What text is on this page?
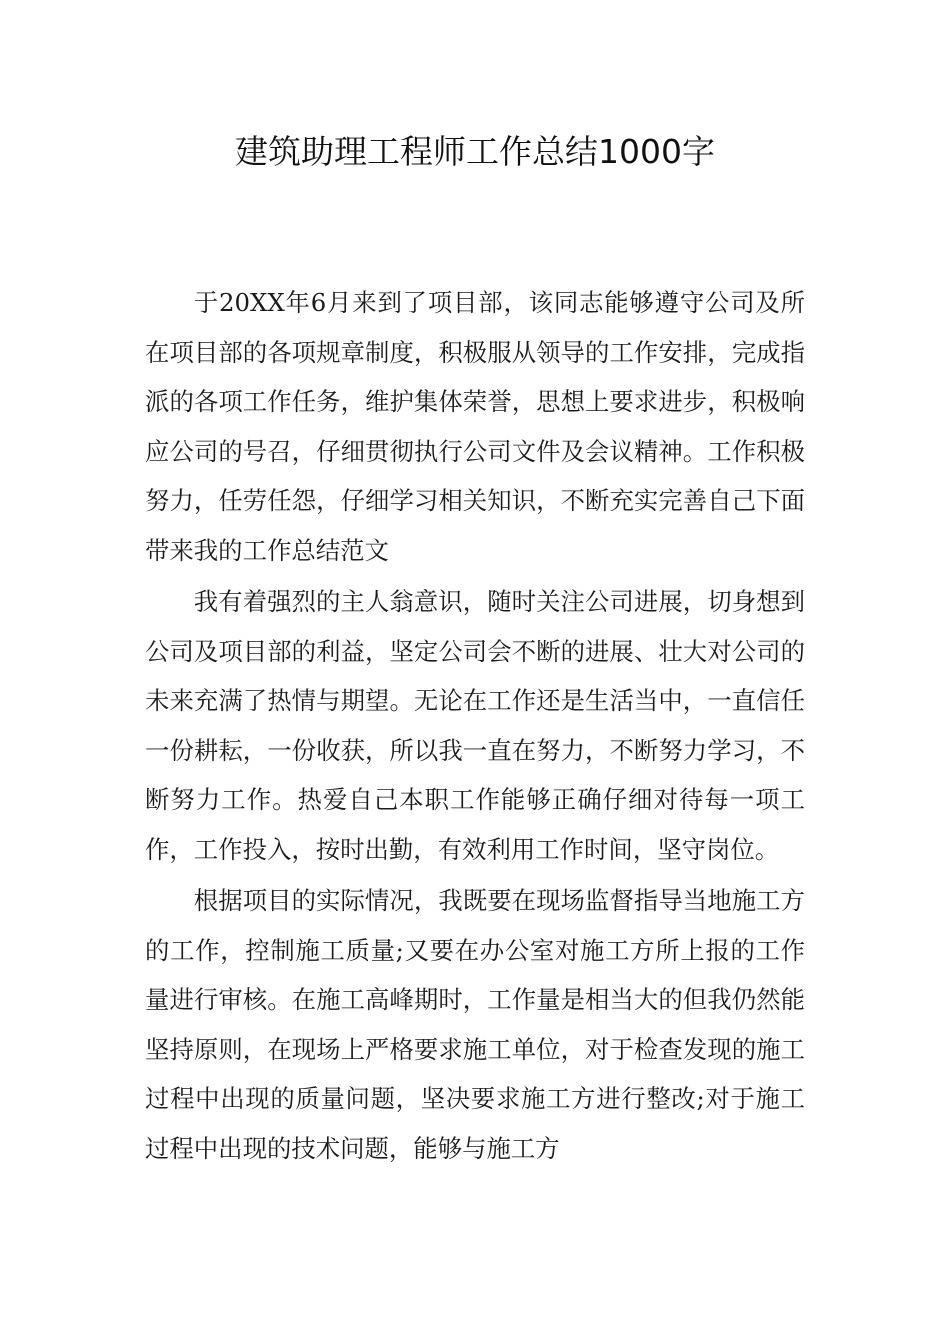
建筑助理工程师工作总结1000字

于20XX年6月来到了项目部，该同志能够遵守公司及所在项目部的各项规章制度，积极服从领导的工作安排，完成指派的各项工作任务，维护集体荣誉，思想上要求进步，积极响应公司的号召，仔细贯彻执行公司文件及会议精神。工作积极努力，任劳任怨，仔细学习相关知识，不断充实完善自己下面带来我的工作总结范文

我有着强烈的主人翁意识，随时关注公司进展，切身想到公司及项目部的利益，坚定公司会不断的进展、壮大对公司的未来充满了热情与期望。无论在工作还是生活当中，一直信任一份耕耘，一份收获，所以我一直在努力，不断努力学习，不断努力工作。热爱自己本职工作能够正确仔细对待每一项工作，工作投入，按时出勤，有效利用工作时间，坚守岗位。

根据项目的实际情况，我既要在现场监督指导当地施工方的工作，控制施工质量;又要在办公室对施工方所上报的工作量进行审核。在施工高峰期时，工作量是相当大的但我仍然能坚持原则，在现场上严格要求施工单位，对于检查发现的施工过程中出现的质量问题，坚决要求施工方进行整改;对于施工过程中出现的技术问题，能够与施工方
